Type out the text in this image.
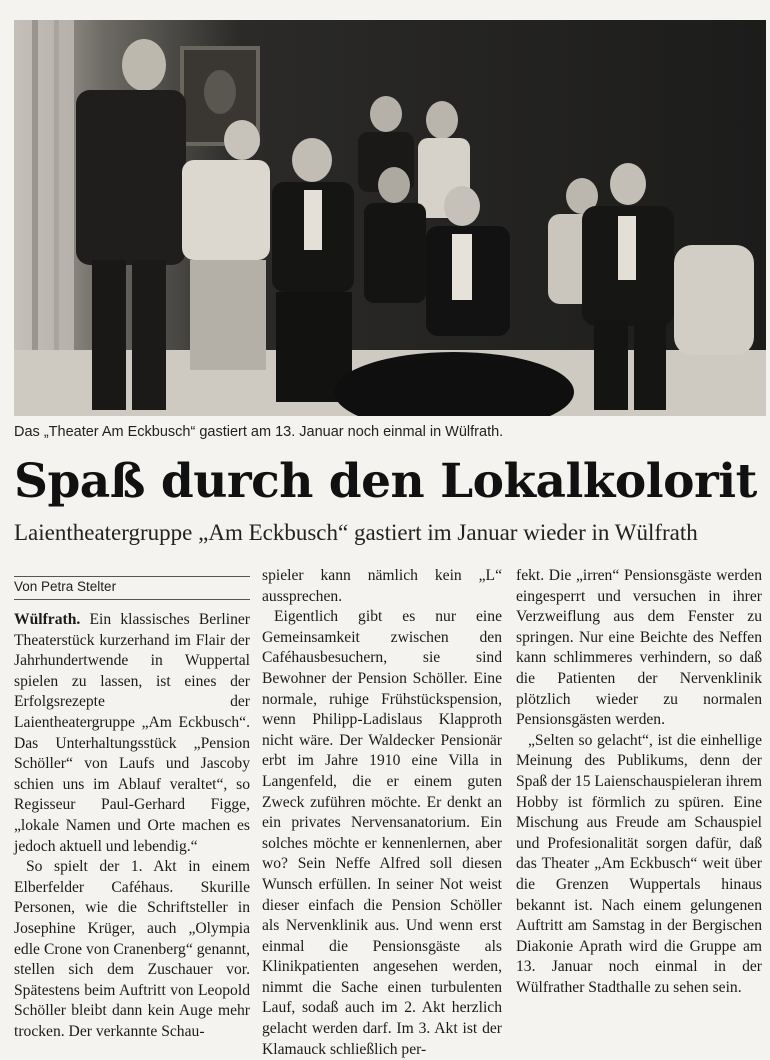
Das „Theater Am Eckbusch“ gastiert am 13. Januar noch einmal in Wülfrath.
Spaß durch den Lokalkolorit
Laientheatergruppe „Am Eckbusch“ gastiert im Januar wieder in Wülfrath
Von Petra Stelter

Wülfrath. Ein klassisches Berliner Theaterstück kurzerhand im Flair der Jahrhundertwende in Wuppertal spielen zu lassen, ist eines der Erfolgsrezepte der Laientheatergruppe „Am Eckbusch“. Das Unterhaltungsstück „Pension Schöller“ von Laufs und Jascoby schien uns im Ablauf veraltet“, so Regisseur Paul-Gerhard Figge, „lokale Namen und Orte machen es jedoch aktuell und lebendig.“

So spielt der 1. Akt in einem Elberfelder Caféhaus. Skurille Personen, wie die Schriftsteller in Josephine Krüger, auch „Olympia edle Crone von Cranenberg“ genannt, stellen sich dem Zuschauer vor. Spätestens beim Auftritt von Leopold Schöller bleibt dann kein Auge mehr trocken. Der verkannte Schau-

spieler kann nämlich kein „L“ aussprechen.

Eigentlich gibt es nur eine Gemeinsamkeit zwischen den Caféhausbesuchern, sie sind Bewohner der Pension Schöller. Eine normale, ruhige Frühstückspension, wenn Philipp-Ladislaus Klapproth nicht wäre. Der Waldecker Pensionär erbt im Jahre 1910 eine Villa in Langenfeld, die er einem guten Zweck zuführen möchte. Er denkt an ein privates Nervensanatorium. Ein solches möchte er kennenlernen, aber wo? Sein Neffe Alfred soll diesen Wunsch erfüllen. In seiner Not weist dieser einfach die Pension Schöller als Nervenklinik aus. Und wenn erst einmal die Pensionsgäste als Klinikpatienten angesehen werden, nimmt die Sache einen turbulenten Lauf, sodaß auch im 2. Akt herzlich gelacht werden darf. Im 3. Akt ist der Klamauck schließlich per-

fekt. Die „irren“ Pensionsgäste werden eingesperrt und versuchen in ihrer Verzweiflung aus dem Fenster zu springen. Nur eine Beichte des Neffen kann schlimmeres verhindern, so daß die Patienten der Nervenklinik plötzlich wieder zu normalen Pensionsgästen werden.

„Selten so gelacht“, ist die einhellige Meinung des Publikums, denn der Spaß der 15 Laienschauspieleran ihrem Hobby ist förmlich zu spüren. Eine Mischung aus Freude am Schauspiel und Profesionalität sorgen dafür, daß das Theater „Am Eckbusch“ weit über die Grenzen Wuppertals hinaus bekannt ist. Nach einem gelungenen Auftritt am Samstag in der Bergischen Diakonie Aprath wird die Gruppe am 13. Januar noch einmal in der Wülfrather Stadthalle zu sehen sein.
